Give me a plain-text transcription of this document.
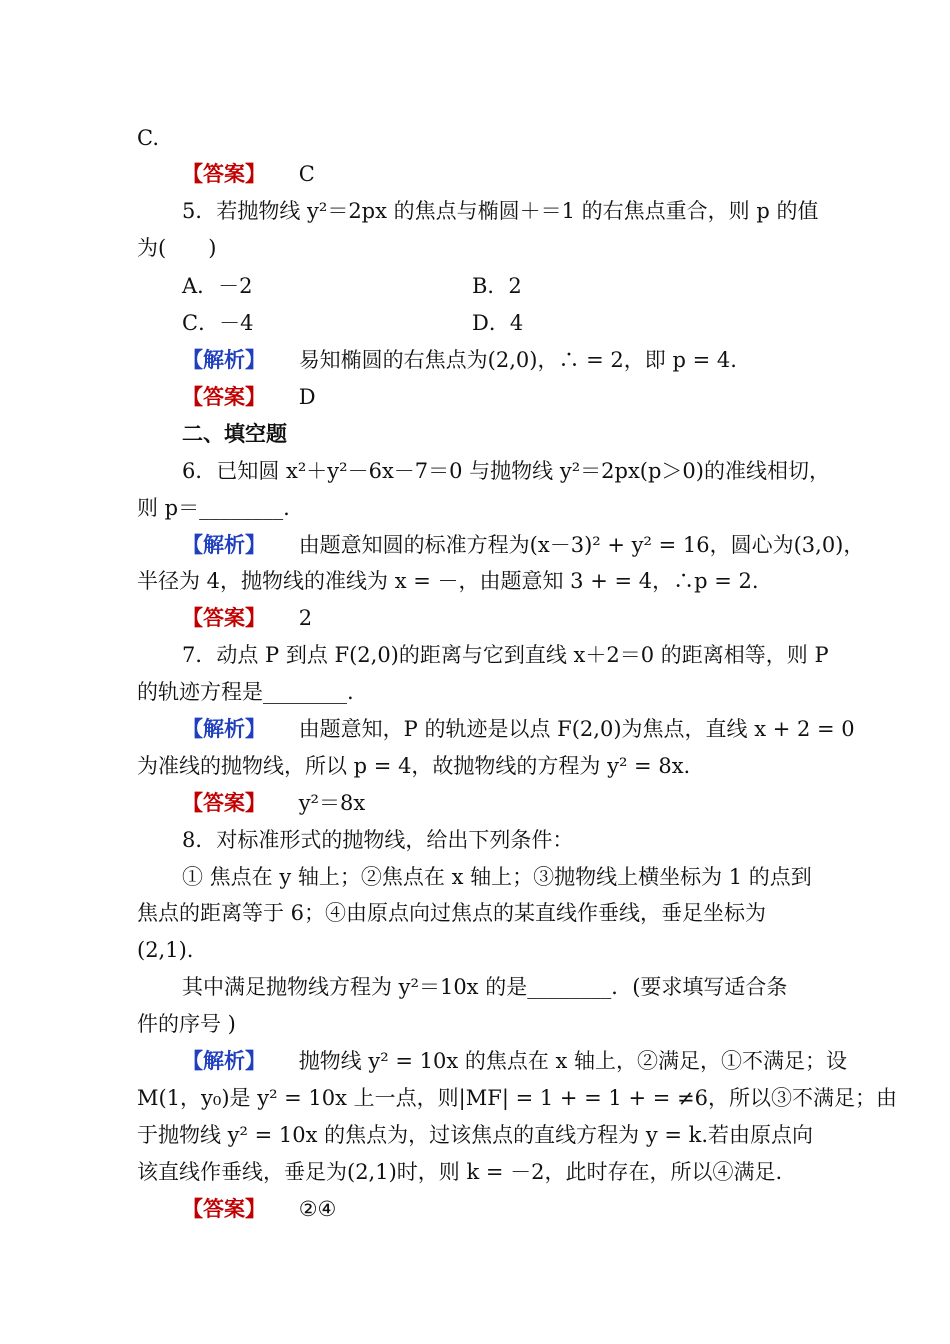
C.
【答案】 C
5．若抛物线 y²＝2px 的焦点与椭圆＋＝1 的右焦点重合，则 p 的值
为(　　)
A．－2	B．2
C．－4	D．4
【解析】 易知椭圆的右焦点为(2,0)，∴ = 2，即 p = 4.
【答案】 D
二、填空题
6．已知圆 x²＋y²－6x－7＝0 与抛物线 y²＝2px(p＞0)的准线相切，
则 p＝________.
【解析】 由题意知圆的标准方程为(x－3)² + y² = 16，圆心为(3,0)，
半径为 4，抛物线的准线为 x = －，由题意知 3 + = 4，∴p = 2.
【答案】 2
7．动点 P 到点 F(2,0)的距离与它到直线 x＋2＝0 的距离相等，则 P
的轨迹方程是________.
【解析】 由题意知，P 的轨迹是以点 F(2,0)为焦点，直线 x + 2 = 0
为准线的抛物线，所以 p = 4，故抛物线的方程为 y² = 8x.
【答案】 y²＝8x
8．对标准形式的抛物线，给出下列条件：
① 焦点在 y 轴上；②焦点在 x 轴上；③抛物线上横坐标为 1 的点到
焦点的距离等于 6；④由原点向过焦点的某直线作垂线，垂足坐标为
(2,1).
其中满足抛物线方程为 y²＝10x 的是________．(要求填写适合条
件的序号 )
【解析】 抛物线 y² = 10x 的焦点在 x 轴上，②满足，①不满足；设
M(1，y₀)是 y² = 10x 上一点，则|MF| = 1 + = 1 + = ≠6，所以③不满足；由
于抛物线 y² = 10x 的焦点为，过该焦点的直线方程为 y = k.若由原点向
该直线作垂线，垂足为(2,1)时，则 k = －2，此时存在，所以④满足.
【答案】 ②④
